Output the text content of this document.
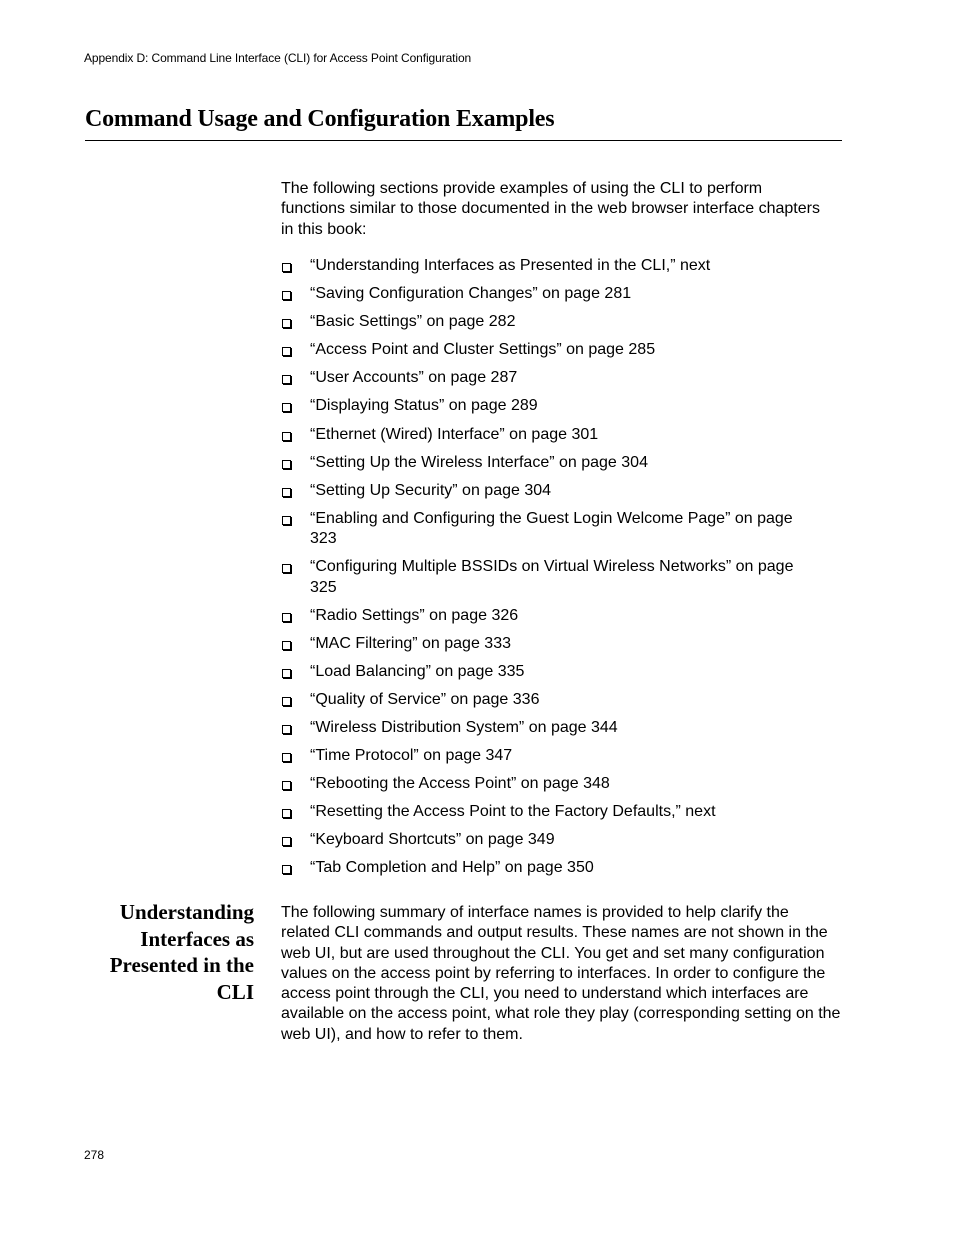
Appendix D: Command Line Interface (CLI) for Access Point Configuration
Command Usage and Configuration Examples

The following sections provide examples of using the CLI to perform functions similar to those documented in the web browser interface chapters in this book:

“Understanding Interfaces as Presented in the CLI,” next
“Saving Configuration Changes” on page 281
“Basic Settings” on page 282
“Access Point and Cluster Settings” on page 285
“User Accounts” on page 287
“Displaying Status” on page 289
“Ethernet (Wired) Interface” on page 301
“Setting Up the Wireless Interface” on page 304
“Setting Up Security” on page 304
“Enabling and Configuring the Guest Login Welcome Page” on page 323
“Configuring Multiple BSSIDs on Virtual Wireless Networks” on page 325
“Radio Settings” on page 326
“MAC Filtering” on page 333
“Load Balancing” on page 335
“Quality of Service” on page 336
“Wireless Distribution System” on page 344
“Time Protocol” on page 347
“Rebooting the Access Point” on page 348
“Resetting the Access Point to the Factory Defaults,” next
“Keyboard Shortcuts” on page 349
“Tab Completion and Help” on page 350
Understanding
Interfaces as
Presented in the
CLI

The following summary of interface names is provided to help clarify the related CLI commands and output results. These names are not shown in the web UI, but are used throughout the CLI. You get and set many configuration values on the access point by referring to interfaces. In order to configure the access point through the CLI, you need to understand which interfaces are available on the access point, what role they play (corresponding setting on the web UI), and how to refer to them.

278
